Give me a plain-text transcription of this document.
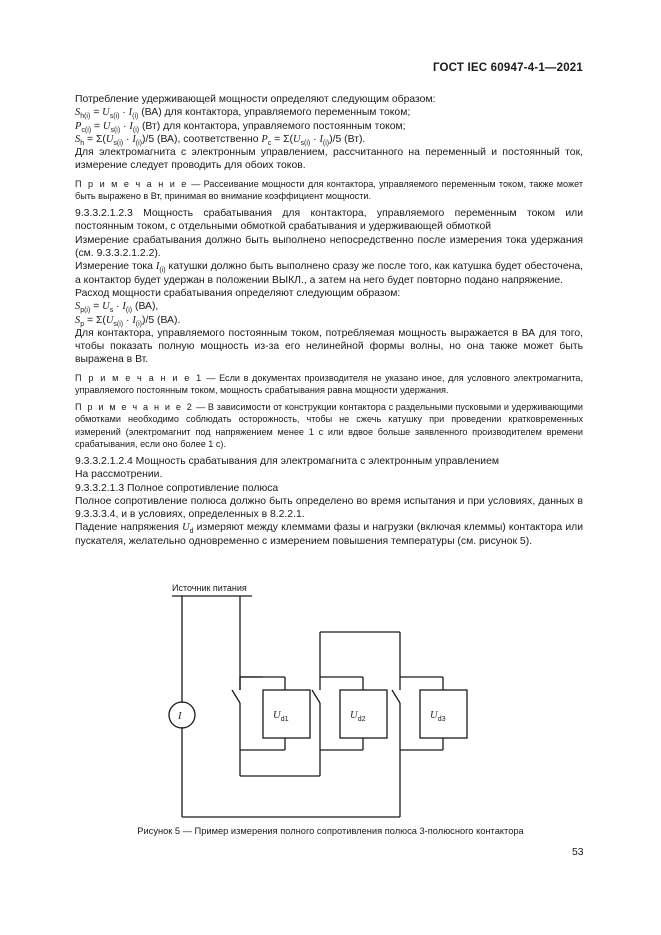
ГОСТ IEC 60947-4-1—2021

Потребление удерживающей мощности определяют следующим образом:

$S_{h(i)} = U_{s(i)} \cdot I_{(i)}$ (ВА) для контактора, управляемого переменным током;

$P_{c(i)} = U_{s(i)} \cdot I_{(i)}$ (Вт) для контактора, управляемого постоянным током;

$S_h = \Sigma(U_{s(i)} \cdot I_{(i)})/5$ (ВА), соответственно $P_c = \Sigma(U_{s(i)} \cdot I_{(i)})/5$ (Вт).

Для электромагнита с электронным управлением, рассчитанного на переменный и постоянный ток, измерение следует проводить для обоих токов.

П р и м е ч а н и е — Рассеивание мощности для контактора, управляемого переменным током, также может быть выражено в Вт, принимая во внимание коэффициент мощности.

9.3.3.2.1.2.3 Мощность срабатывания для контактора, управляемого переменным током или постоянным током, с отдельными обмоткой срабатывания и удерживающей обмоткой

Измерение срабатывания должно быть выполнено непосредственно после измерения тока удержания (см. 9.3.3.2.1.2.2).

Измерение тока $I_{(i)}$ катушки должно быть выполнено сразу же после того, как катушка будет обесточена, а контактор будет удержан в положении ВЫКЛ., а затем на него будет повторно подано напряжение.

Расход мощности срабатывания определяют следующим образом:

$S_{p(i)} = U_s \cdot I_{(i)}$ (ВА),

$S_p = \Sigma(U_{s(i)} \cdot I_{(i)})/5$ (ВА).

Для контактора, управляемого постоянным током, потребляемая мощность выражается в ВА для того, чтобы показать полную мощность из-за его нелинейной формы волны, но она также может быть выражена в Вт.

П р и м е ч а н и е 1 — Если в документах производителя не указано иное, для условного электромагнита, управляемого постоянным током, мощность срабатывания равна мощности удержания.

П р и м е ч а н и е 2 — В зависимости от конструкции контактора с раздельными пусковыми и удерживающими обмотками необходимо соблюдать осторожность, чтобы не сжечь катушку при проведении кратковременных измерений (электромагнит под напряжением менее 1 с или вдвое больше заявленного производителем времени срабатывания, если оно более 1 с).

9.3.3.2.1.2.4 Мощность срабатывания для электромагнита с электронным управлением

На рассмотрении.

9.3.3.2.1.3 Полное сопротивление полюса

Полное сопротивление полюса должно быть определено во время испытания и при условиях, данных в 9.3.3.3.4, и в условиях, определенных в 8.2.2.1.

Падение напряжения $U_d$ измеряют между клеммами фазы и нагрузки (включая клеммы) контактора или пускателя, желательно одновременно с измерением повышения температуры (см. рисунок 5).

Источник питания
I	$U_{d1}$	$U_{d2}$	$U_{d3}$
Рисунок 5 — Пример измерения полного сопротивления полюса 3-полюсного контактора
53
